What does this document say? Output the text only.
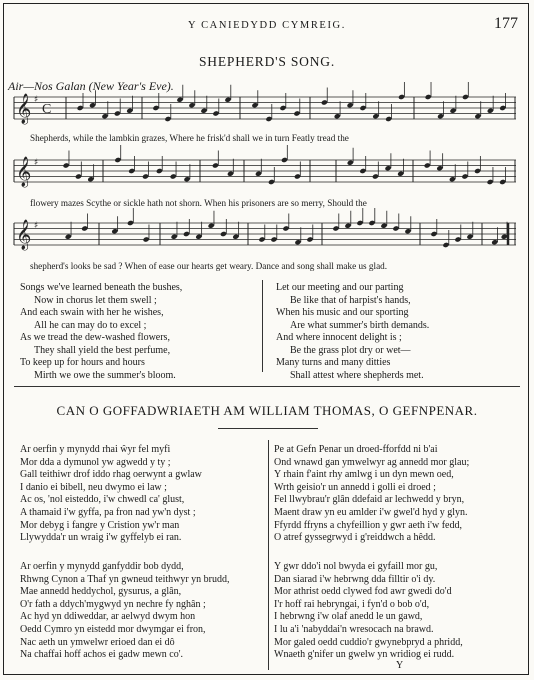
Y CANIEDYDD CYMREIG.	177
SHEPHERD'S SONG.
Air—Nos Galan (New Year's Eve).
𝄞 ♯
C
𝄞 ♯
𝄞 ♯
Shepherds, while the lambkin grazes, Where he frisk'd shall we in turn Featly tread the
flowery mazes Scythe or sickle hath not shorn. When his prisoners are so merry, Should the
shepherd's looks be sad ? When of ease our hearts get weary. Dance and song shall make us glad.
Songs we've learned beneath the bushes,
Now in chorus let them swell ;
And each swain with her he wishes,
All he can may do to excel ;
As we tread the dew-washed flowers,
They shall yield the best perfume,
To keep up for hours and hours
Mirth we owe the summer's bloom.
Let our meeting and our parting
Be like that of harpist's hands,
When his music and our sporting
Are what summer's birth demands.
And where innocent delight is ;
Be the grass plot dry or wet—
Many turns and many ditties
Shall attest where shepherds met.
CAN O GOFFADWRIAETH AM WILLIAM THOMAS, O GEFNPENAR.
Ar oerfin y mynydd rhai ŵyr fel myfi
Mor dda a dymunol yw agwedd y ty ;
Gall teithiwr drof iddo rhag oerwynt a gwlaw
I danio ei bibell, neu dwymo ei law ;
Ac os, 'nol eisteddo, i'w chwedl ca' glust,
A thamaid i'w gyffa, pa fron nad yw'n dyst ;
Mor debyg i fangre y Cristion yw'r man
Llywydda'r un wraig i'w gyffelyb ei ran.
Ar oerfin y mynydd ganfyddir bob dydd,
Rhwng Cynon a Thaf yn gwneud teithwyr yn brudd,
Mae annedd heddychol, gysurus, a glân,
O'r fath a ddych'mygwyd yn nechre fy nghân ;
Ac hyd yn ddiweddar, ar aelwyd dwym hon
Oedd Cymro yn eistedd mor dwymgar ei fron,
Nac aeth un ymwelwr erioed dan ei dô
Na chaffai hoff achos ei gadw mewn co'.
Pe at Gefn Penar un droed-fforfdd ni b'ai
Ond wnawd gan ymwelwyr ag annedd mor glau;
Y rhain f'aint rhy amlwg i un dyn mewn oed,
Wrth geisio'r un annedd i golli ei droed ;
Fel llwybrau'r glân ddefaid ar lechwedd y bryn,
Maent draw yn eu amlder i'w gwel'd hyd y glyn.
Ffyrdd ffryns a chyfeillion y gwr aeth i'w fedd,
O atref gyssegrwyd i g'reiddwch a hêdd.
Y gwr ddo'i nol bwyda ei gyfaill mor gu,
Dan siarad i'w hebrwng dda filltir o'i dy.
Mor athrist oedd clywed fod awr gwedi do'd
I'r hoff rai hebryngai, i fyn'd o bob o'd,
I hebrwng i'w olaf anedd le un gawd,
I lu a'i 'nabyddai'n wresocach na brawd.
Mor galed oedd cuddio'r gwynebpryd a phridd,
Wnaeth g'nifer un gwelw yn wridiog ei rudd.
Y
